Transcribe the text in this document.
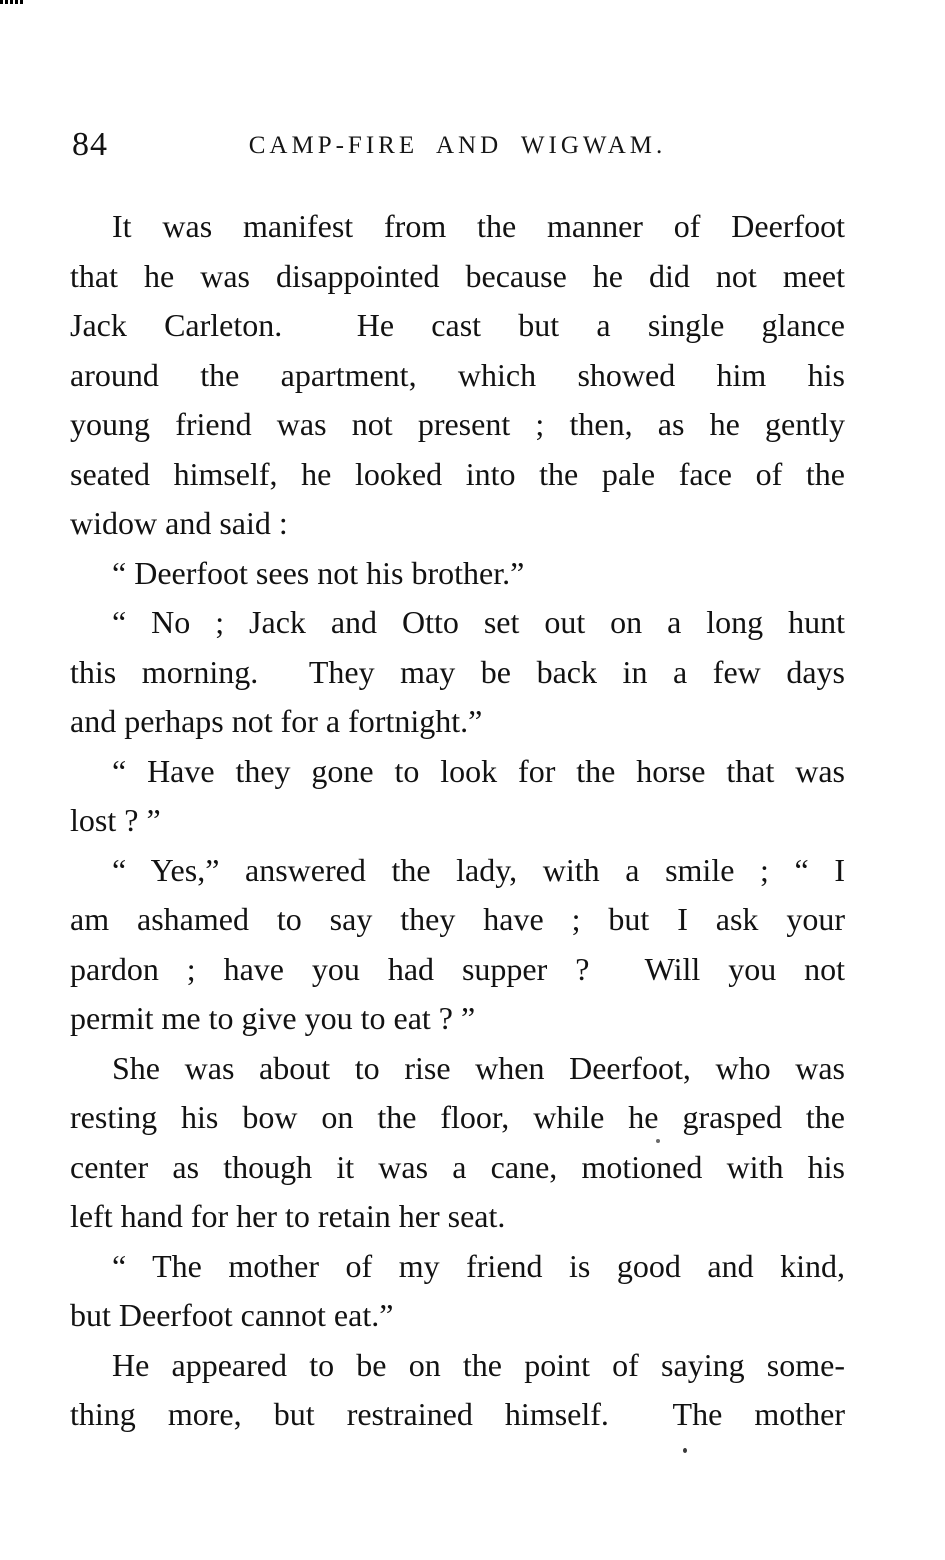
84	CAMP-FIRE AND WIGWAM.
It was manifest from the manner of Deerfoot
that he was disappointed because he did not meet
Jack Carleton.  He cast but a single glance
around the apartment, which showed him his
young friend was not present ; then, as he gently
seated himself, he looked into the pale face of the
widow and said :
“ Deerfoot sees not his brother.”
“ No ; Jack and Otto set out on a long hunt
this morning.  They may be back in a few days
and perhaps not for a fortnight.”
“ Have they gone to look for the horse that was
lost ? ”
“ Yes,” answered the lady, with a smile ; “ I
am ashamed to say they have ; but I ask your
pardon ; have you had supper ?  Will you not
permit me to give you to eat ? ”
She was about to rise when Deerfoot, who was
resting his bow on the floor, while he grasped the
center as though it was a cane, motioned with his
left hand for her to retain her seat.
“ The mother of my friend is good and kind,
but Deerfoot cannot eat.”
He appeared to be on the point of saying some-
thing more, but restrained himself.  The mother
